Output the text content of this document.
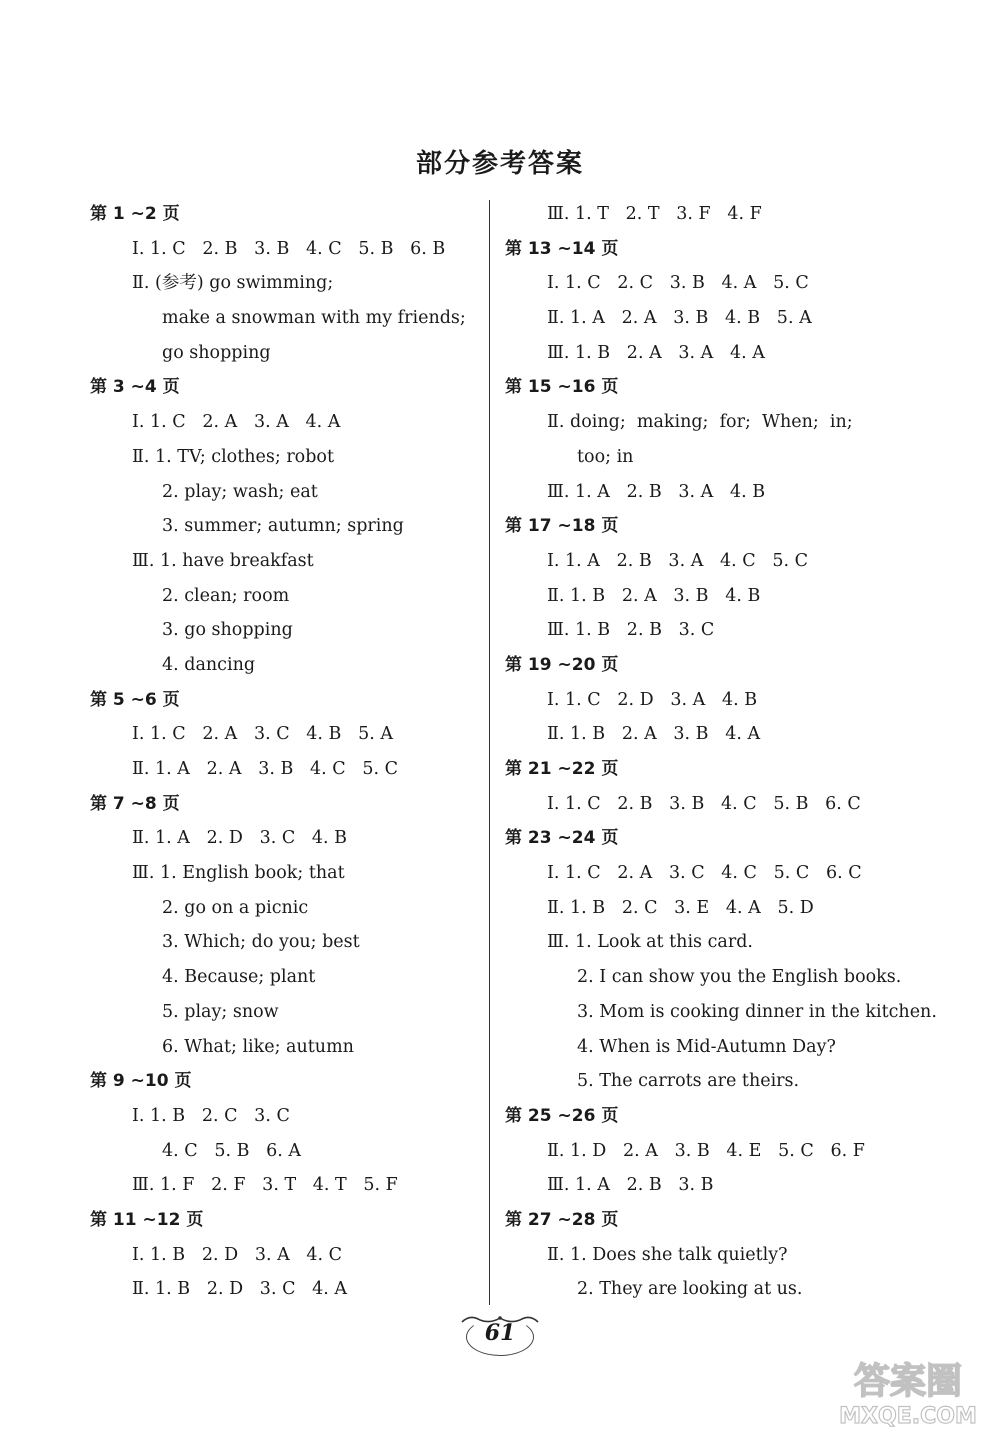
部分参考答案
第 1 ~2 页
Ⅰ. 1. C   2. B   3. B   4. C   5. B   6. B
Ⅱ. (参考) go swimming;
make a snowman with my friends;
go shopping
第 3 ~4 页
Ⅰ. 1. C   2. A   3. A   4. A
Ⅱ. 1. TV; clothes; robot
2. play; wash; eat
3. summer; autumn; spring
Ⅲ. 1. have breakfast
2. clean; room
3. go shopping
4. dancing
第 5 ~6 页
Ⅰ. 1. C   2. A   3. C   4. B   5. A
Ⅱ. 1. A   2. A   3. B   4. C   5. C
第 7 ~8 页
Ⅱ. 1. A   2. D   3. C   4. B
Ⅲ. 1. English book; that
2. go on a picnic
3. Which; do you; best
4. Because; plant
5. play; snow
6. What; like; autumn
第 9 ~10 页
Ⅰ. 1. B   2. C   3. C
4. C   5. B   6. A
Ⅲ. 1. F   2. F   3. T   4. T   5. F
第 11 ~12 页
Ⅰ. 1. B   2. D   3. A   4. C
Ⅱ. 1. B   2. D   3. C   4. A
Ⅲ. 1. T   2. T   3. F   4. F
第 13 ~14 页
Ⅰ. 1. C   2. C   3. B   4. A   5. C
Ⅱ. 1. A   2. A   3. B   4. B   5. A
Ⅲ. 1. B   2. A   3. A   4. A
第 15 ~16 页
Ⅱ. doing;  making;  for;  When;  in;
too; in
Ⅲ. 1. A   2. B   3. A   4. B
第 17 ~18 页
Ⅰ. 1. A   2. B   3. A   4. C   5. C
Ⅱ. 1. B   2. A   3. B   4. B
Ⅲ. 1. B   2. B   3. C
第 19 ~20 页
Ⅰ. 1. C   2. D   3. A   4. B
Ⅱ. 1. B   2. A   3. B   4. A
第 21 ~22 页
Ⅰ. 1. C   2. B   3. B   4. C   5. B   6. C
第 23 ~24 页
Ⅰ. 1. C   2. A   3. C   4. C   5. C   6. C
Ⅱ. 1. B   2. C   3. E   4. A   5. D
Ⅲ. 1. Look at this card.
2. I can show you the English books.
3. Mom is cooking dinner in the kitchen.
4. When is Mid-Autumn Day?
5. The carrots are theirs.
第 25 ~26 页
Ⅱ. 1. D   2. A   3. B   4. E   5. C   6. F
Ⅲ. 1. A   2. B   3. B
第 27 ~28 页
Ⅱ. 1. Does she talk quietly?
2. They are looking at us.
61
答案圈
MXQE.COM
